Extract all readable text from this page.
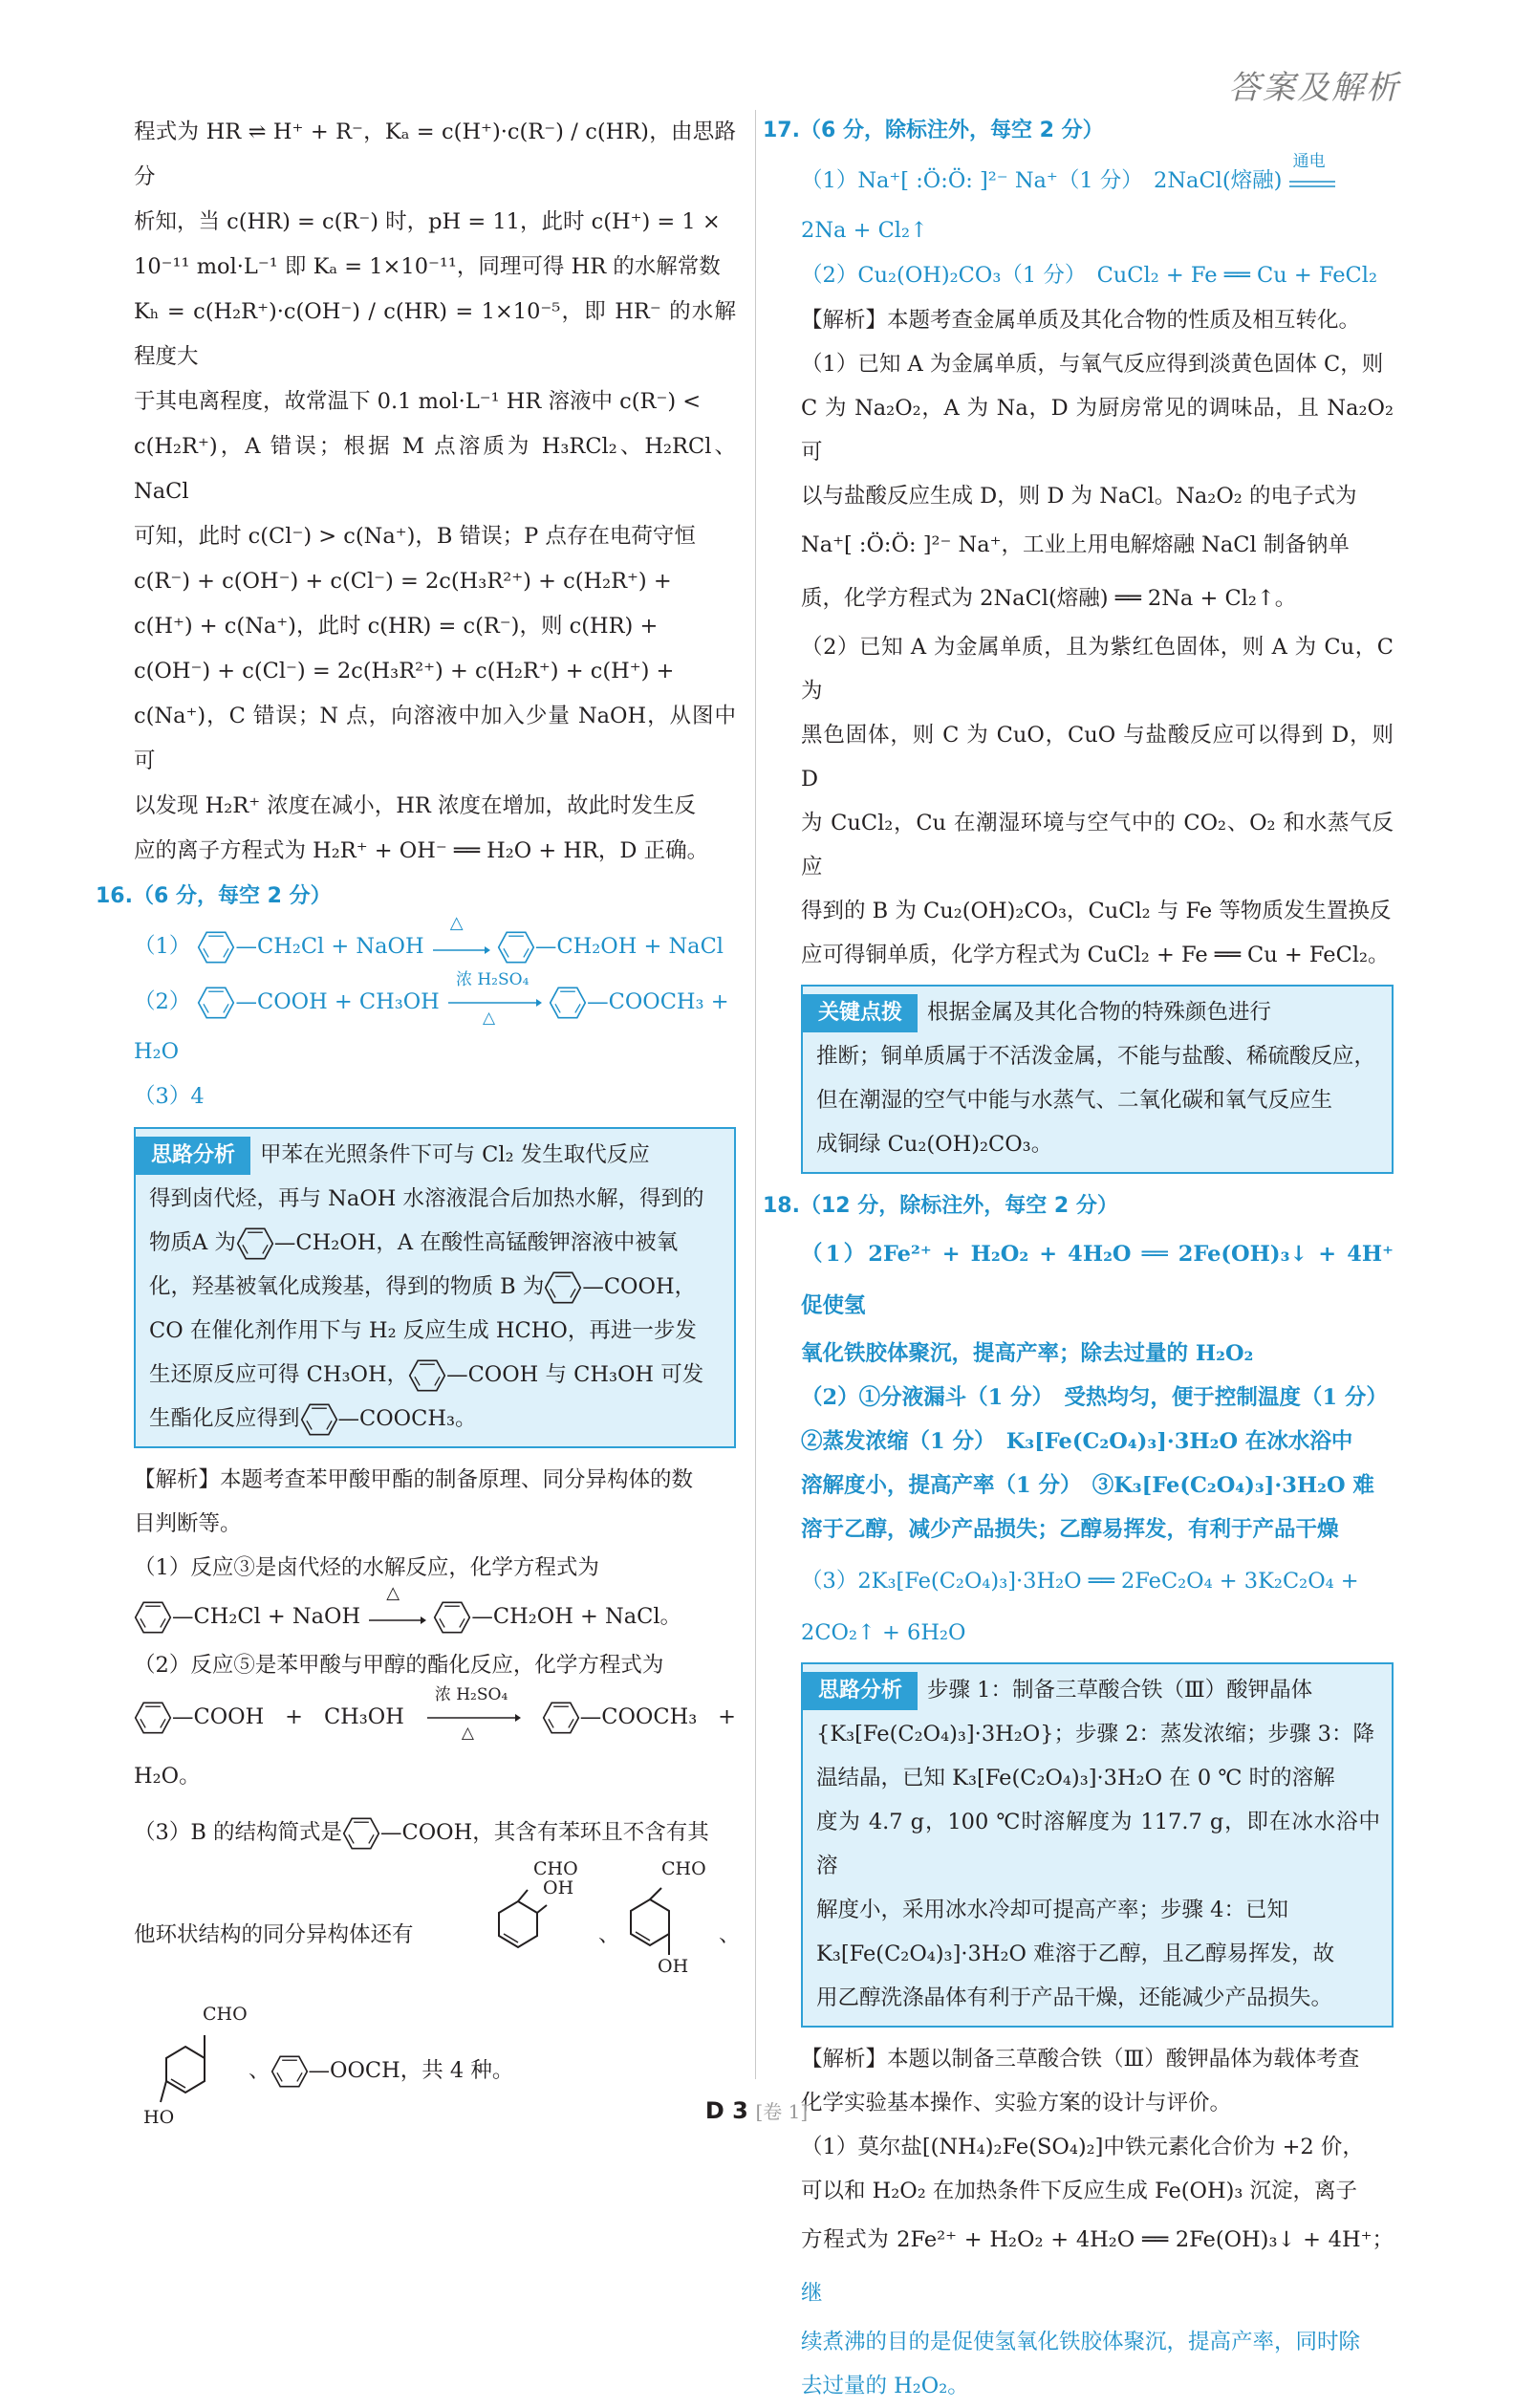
答案及解析

程式为 HR ⇌ H⁺ + R⁻，Kₐ = c(H⁺)·c(R⁻) / c(HR)，由思路分

析知，当 c(HR) = c(R⁻) 时，pH = 11，此时 c(H⁺) = 1 ×

10⁻¹¹ mol·L⁻¹ 即 Kₐ = 1×10⁻¹¹，同理可得 HR 的水解常数

Kₕ = c(H₂R⁺)·c(OH⁻) / c(HR) = 1×10⁻⁵，即 HR⁻ 的水解程度大

于其电离程度，故常温下 0.1 mol·L⁻¹ HR 溶液中 c(R⁻) <

c(H₂R⁺)，A 错误；根据 M 点溶质为 H₃RCl₂、H₂RCl、NaCl

可知，此时 c(Cl⁻) > c(Na⁺)，B 错误；P 点存在电荷守恒

c(R⁻) + c(OH⁻) + c(Cl⁻) = 2c(H₃R²⁺) + c(H₂R⁺) +

c(H⁺) + c(Na⁺)，此时 c(HR) = c(R⁻)，则 c(HR) +

c(OH⁻) + c(Cl⁻) = 2c(H₃R²⁺) + c(H₂R⁺) + c(H⁺) +

c(Na⁺)，C 错误；N 点，向溶液中加入少量 NaOH，从图中可

以发现 H₂R⁺ 浓度在减小，HR 浓度在增加，故此时发生反

应的离子方程式为 H₂R⁺ + OH⁻ ══ H₂O + HR，D 正确。

16.（6 分，每空 2 分）
（1） —CH₂Cl + NaOH
△
—CH₂OH + NaCl
（2） —COOH + CH₃OH
浓 H₂SO₄
△
—COOCH₃ +
H₂O
（3）4
思路分析 甲苯在光照条件下可与 Cl₂ 发生取代反应
得到卤代烃，再与 NaOH 水溶液混合后加热水解，得到的
物质A 为 —CH₂OH，A 在酸性高锰酸钾溶液中被氧
化，羟基被氧化成羧基，得到的物质 B 为 —COOH，
CO 在催化剂作用下与 H₂ 反应生成 HCHO，再进一步发
生还原反应可得 CH₃OH， —COOH 与 CH₃OH 可发
生酯化反应得到 —COOCH₃。

【解析】本题考查苯甲酸甲酯的制备原理、同分异构体的数

目判断等。

（1）反应③是卤代烃的水解反应，化学方程式为

—CH₂Cl + NaOH
△
—CH₂OH + NaCl。

（2）反应⑤是苯甲酸与甲醇的酯化反应，化学方程式为

—COOH + CH₃OH
浓 H₂SO₄
△
—COOCH₃ + H₂O。

（3）B 的结构简式是 —COOH，其含有苯环且不含有其

他环状结构的同分异构体还有
CHO
OH
、
CHO
OH
、
CHO
HO
、 —OOCH，共 4 种。
17.（6 分，除标注外，每空 2 分）
（1）Na⁺[ :Ö:Ö: ]²⁻ Na⁺（1 分）　2NaCl(熔融)
通电
2Na + Cl₂↑
（2）Cu₂(OH)₂CO₃（1 分）　CuCl₂ + Fe ══ Cu + FeCl₂

【解析】本题考查金属单质及其化合物的性质及相互转化。

（1）已知 A 为金属单质，与氧气反应得到淡黄色固体 C，则

C 为 Na₂O₂，A 为 Na，D 为厨房常见的调味品，且 Na₂O₂ 可

以与盐酸反应生成 D，则 D 为 NaCl。Na₂O₂ 的电子式为

Na⁺[ :Ö:Ö: ]²⁻ Na⁺，工业上用电解熔融 NaCl 制备钠单

质，化学方程式为 2NaCl(熔融) ══ 2Na + Cl₂↑。

（2）已知 A 为金属单质，且为紫红色固体，则 A 为 Cu，C 为

黑色固体，则 C 为 CuO，CuO 与盐酸反应可以得到 D，则 D

为 CuCl₂，Cu 在潮湿环境与空气中的 CO₂、O₂ 和水蒸气反应

得到的 B 为 Cu₂(OH)₂CO₃，CuCl₂ 与 Fe 等物质发生置换反

应可得铜单质，化学方程式为 CuCl₂ + Fe ══ Cu + FeCl₂。

关键点拨 根据金属及其化合物的特殊颜色进行
推断；铜单质属于不活泼金属，不能与盐酸、稀硫酸反应，
但在潮湿的空气中能与水蒸气、二氧化碳和氧气反应生
成铜绿 Cu₂(OH)₂CO₃。
18.（12 分，除标注外，每空 2 分）

（1）2Fe²⁺ + H₂O₂ + 4H₂O ══ 2Fe(OH)₃↓ + 4H⁺　促使氢

氧化铁胶体聚沉，提高产率；除去过量的 H₂O₂

（2）①分液漏斗（1 分）　受热均匀，便于控制温度（1 分）

②蒸发浓缩（1 分）　K₃[Fe(C₂O₄)₃]·3H₂O 在冰水浴中

溶解度小，提高产率（1 分）　③K₃[Fe(C₂O₄)₃]·3H₂O 难

溶于乙醇，减少产品损失；乙醇易挥发，有利于产品干燥

（3）2K₃[Fe(C₂O₄)₃]·3H₂O ══ 2FeC₂O₄ + 3K₂C₂O₄ +

2CO₂↑ + 6H₂O

思路分析 步骤 1：制备三草酸合铁（Ⅲ）酸钾晶体
{K₃[Fe(C₂O₄)₃]·3H₂O}；步骤 2：蒸发浓缩；步骤 3：降
温结晶，已知 K₃[Fe(C₂O₄)₃]·3H₂O 在 0 ℃ 时的溶解
度为 4.7 g，100 ℃时溶解度为 117.7 g，即在冰水浴中溶
解度小，采用冰水冷却可提高产率；步骤 4：已知
K₃[Fe(C₂O₄)₃]·3H₂O 难溶于乙醇，且乙醇易挥发，故
用乙醇洗涤晶体有利于产品干燥，还能减少产品损失。

【解析】本题以制备三草酸合铁（Ⅲ）酸钾晶体为载体考查

化学实验基本操作、实验方案的设计与评价。

（1）莫尔盐[(NH₄)₂Fe(SO₄)₂]中铁元素化合价为 +2 价，

可以和 H₂O₂ 在加热条件下反应生成 Fe(OH)₃ 沉淀，离子

方程式为 2Fe²⁺ + H₂O₂ + 4H₂O ══ 2Fe(OH)₃↓ + 4H⁺；继

续煮沸的目的是促使氢氧化铁胶体聚沉，提高产率，同时除

去过量的 H₂O₂。

D 3 [卷 1]
